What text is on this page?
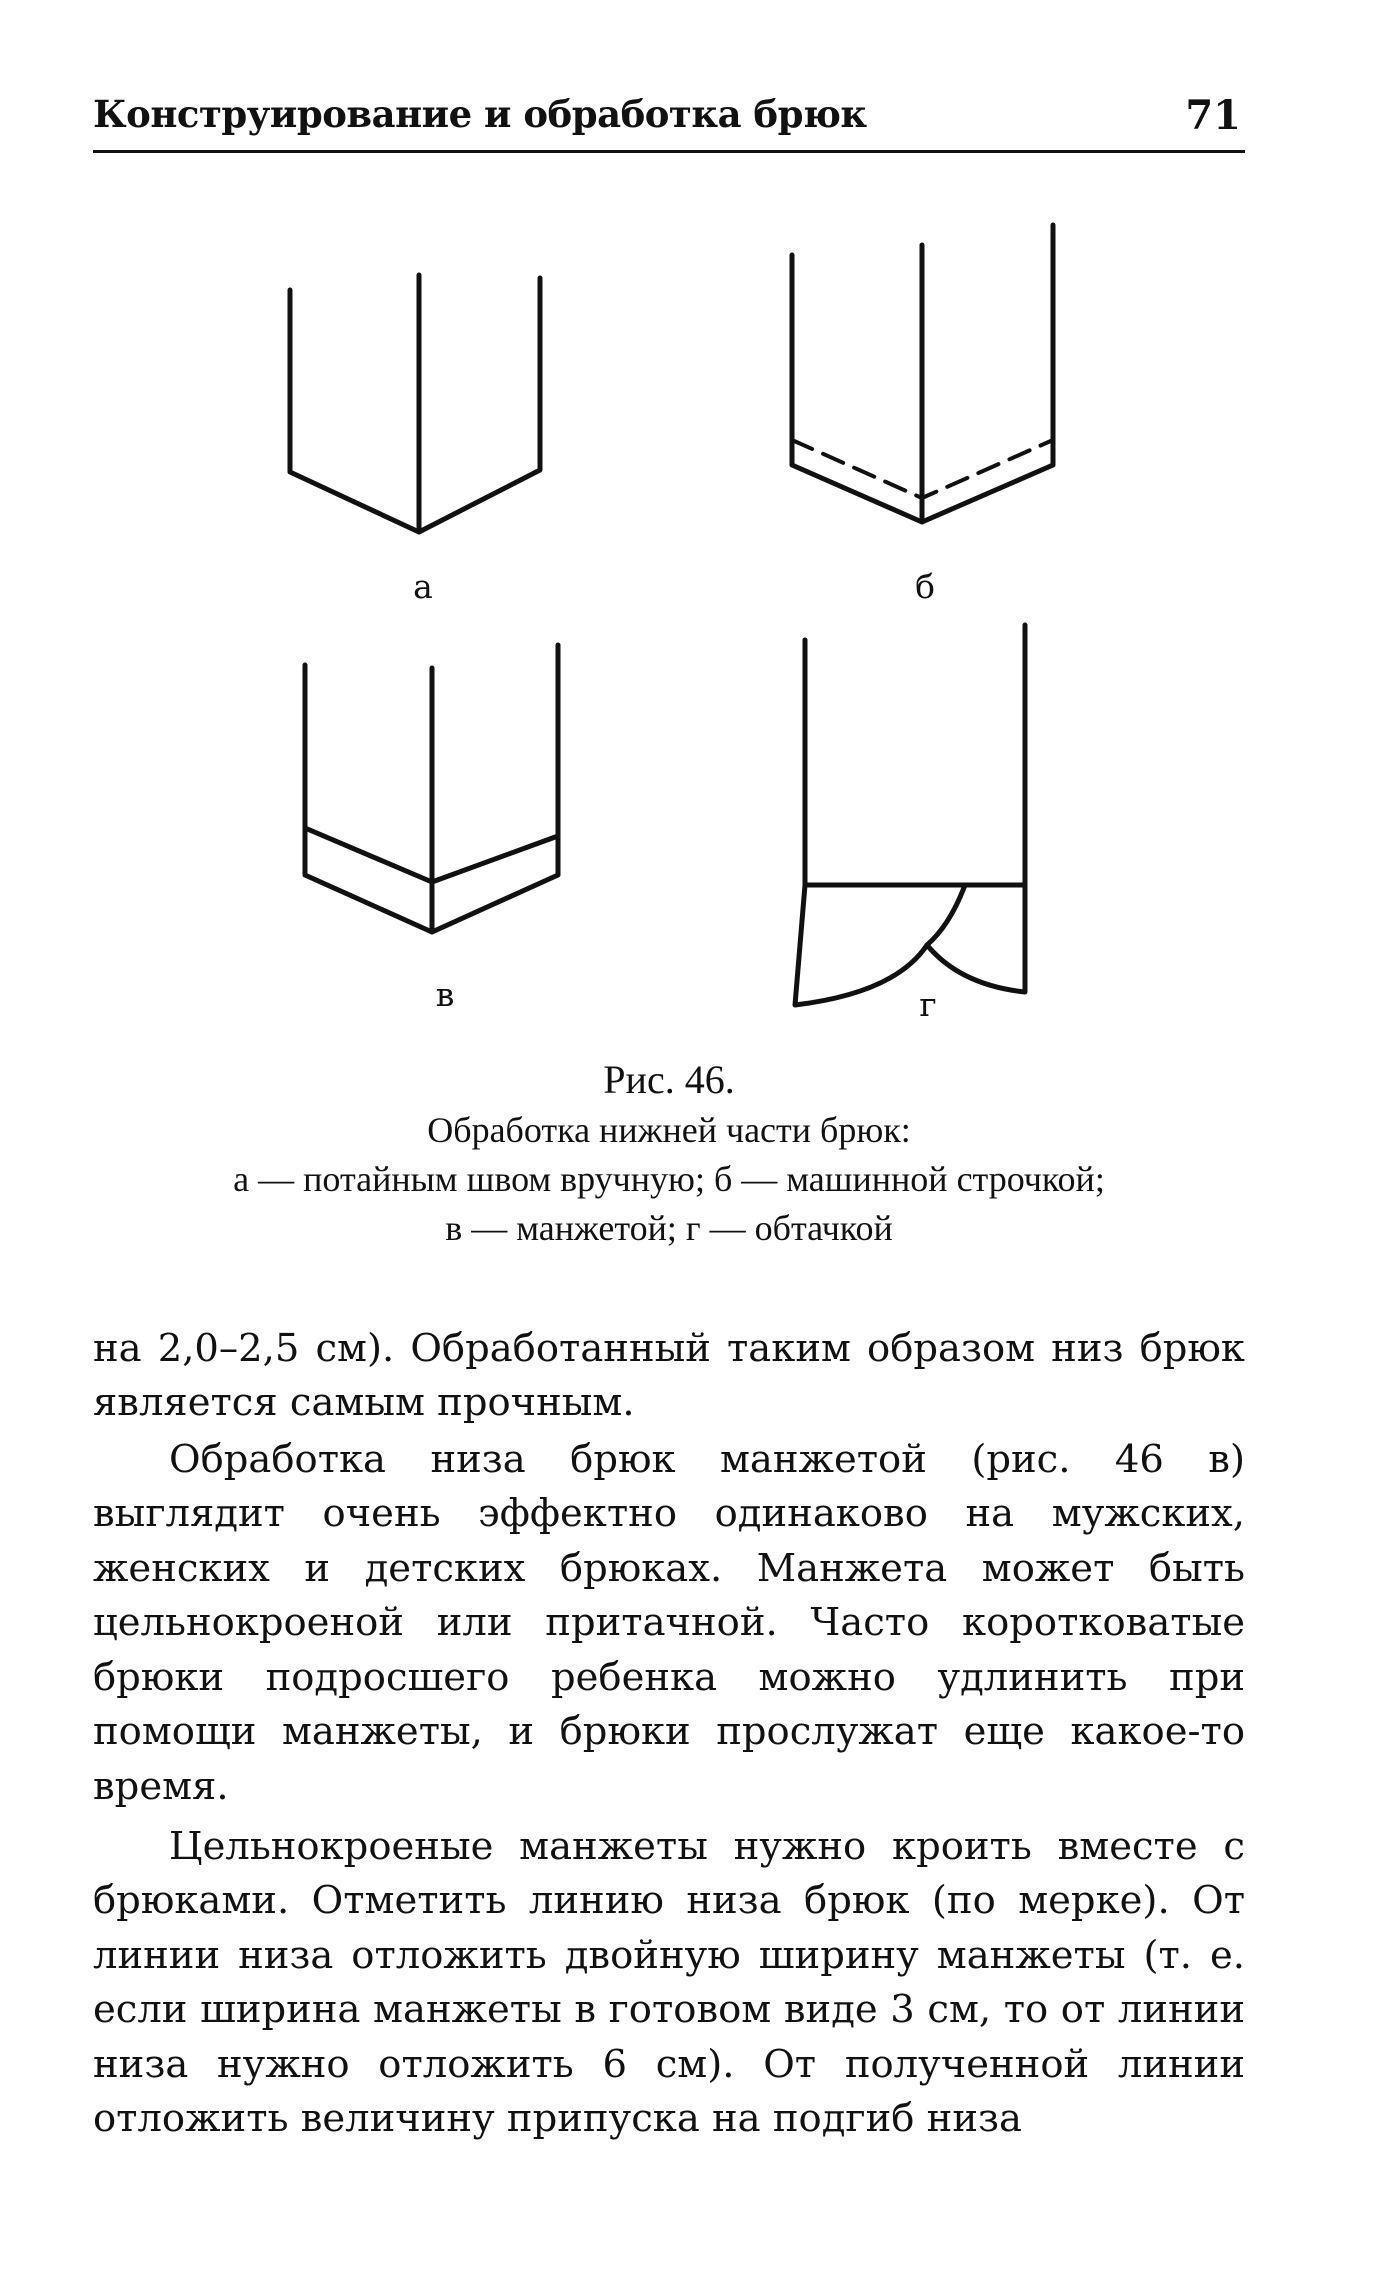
Конструирование и обработка брюк	71
а	б
в	г
Рис. 46.
Обработка нижней части брюк:
а — потайным швом вручную; б — машинной строчкой;
в — манжетой; г — обтачкой

на 2,0–2,5 см). Обработанный таким образом низ брюк является самым прочным.

Обработка низа брюк манжетой (рис. 46 в) выглядит очень эффектно одинаково на мужских, женских и детских брюках. Манжета может быть цельнокроеной или притачной. Часто коротковатые брюки подросшего ребенка можно удлинить при помощи манжеты, и брюки прослужат еще какое-то время.

Цельнокроеные манжеты нужно кроить вместе с брюками. Отметить линию низа брюк (по мерке). От линии низа отложить двойную ширину манжеты (т. е. если ширина манжеты в готовом виде 3 см, то от линии низа нужно отложить 6 см). От полученной линии отложить величину припуска на подгиб низа
